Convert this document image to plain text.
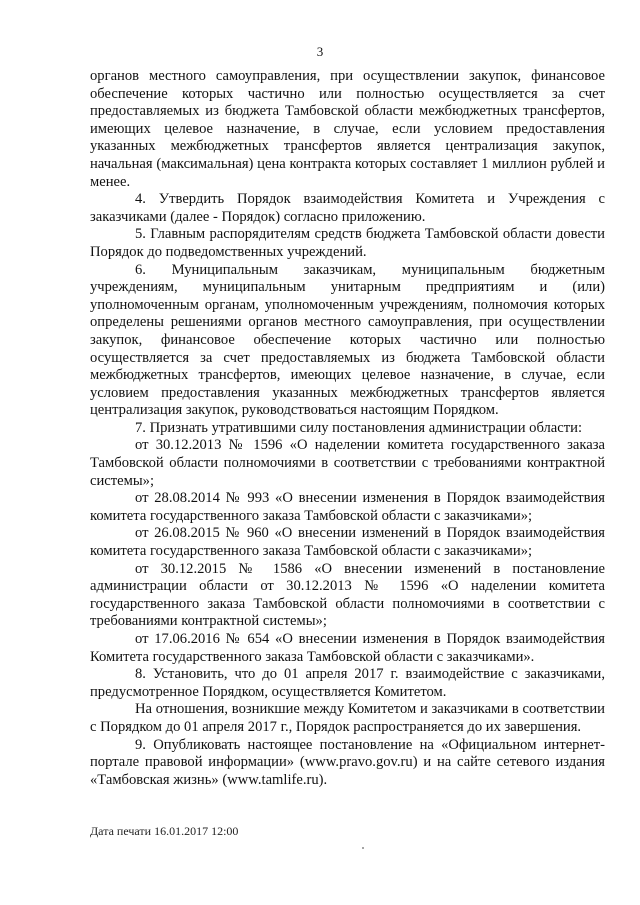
3

органов местного самоуправления, при осуществлении закупок, финансовое обеспечение которых частично или полностью осуществляется за счет предоставляемых из бюджета Тамбовской области межбюджетных трансфертов, имеющих целевое назначение, в случае, если условием предоставления указанных межбюджетных трансфертов является централизация закупок, начальная (максимальная) цена контракта которых составляет 1 миллион рублей и менее.

4. Утвердить Порядок взаимодействия Комитета и Учреждения с заказчиками (далее - Порядок) согласно приложению.

5. Главным распорядителям средств бюджета Тамбовской области довести Порядок до подведомственных учреждений.

6. Муниципальным заказчикам, муниципальным бюджетным учреждениям, муниципальным унитарным предприятиям и (или) уполномоченным органам, уполномоченным учреждениям, полномочия которых определены решениями органов местного самоуправления, при осуществлении закупок, финансовое обеспечение которых частично или полностью осуществляется за счет предоставляемых из бюджета Тамбовской области межбюджетных трансфертов, имеющих целевое назначение, в случае, если условием предоставления указанных межбюджетных трансфертов является централизация закупок, руководствоваться настоящим Порядком.

7. Признать утратившими силу постановления администрации области:

от 30.12.2013 № 1596 «О наделении комитета государственного заказа Тамбовской области полномочиями в соответствии с требованиями контрактной системы»;

от 28.08.2014 № 993 «О внесении изменения в Порядок взаимодействия комитета государственного заказа Тамбовской области с заказчиками»;

от 26.08.2015 № 960 «О внесении изменений в Порядок взаимодействия комитета государственного заказа Тамбовской области с заказчиками»;

от 30.12.2015 № 1586 «О внесении изменений в постановление администрации области от 30.12.2013 № 1596 «О наделении комитета государственного заказа Тамбовской области полномочиями в соответствии с требованиями контрактной системы»;

от 17.06.2016 № 654 «О внесении изменения в Порядок взаимодействия Комитета государственного заказа Тамбовской области с заказчиками».

8. Установить, что до 01 апреля 2017 г. взаимодействие с заказчиками, предусмотренное Порядком, осуществляется Комитетом.

На отношения, возникшие между Комитетом и заказчиками в соответствии с Порядком до 01 апреля 2017 г., Порядок распространяется до их завершения.

9. Опубликовать настоящее постановление на «Официальном интернет-портале правовой информации» (www.pravo.gov.ru) и на сайте сетевого издания «Тамбовская жизнь» (www.tamlife.ru).

Дата печати 16.01.2017 12:00
